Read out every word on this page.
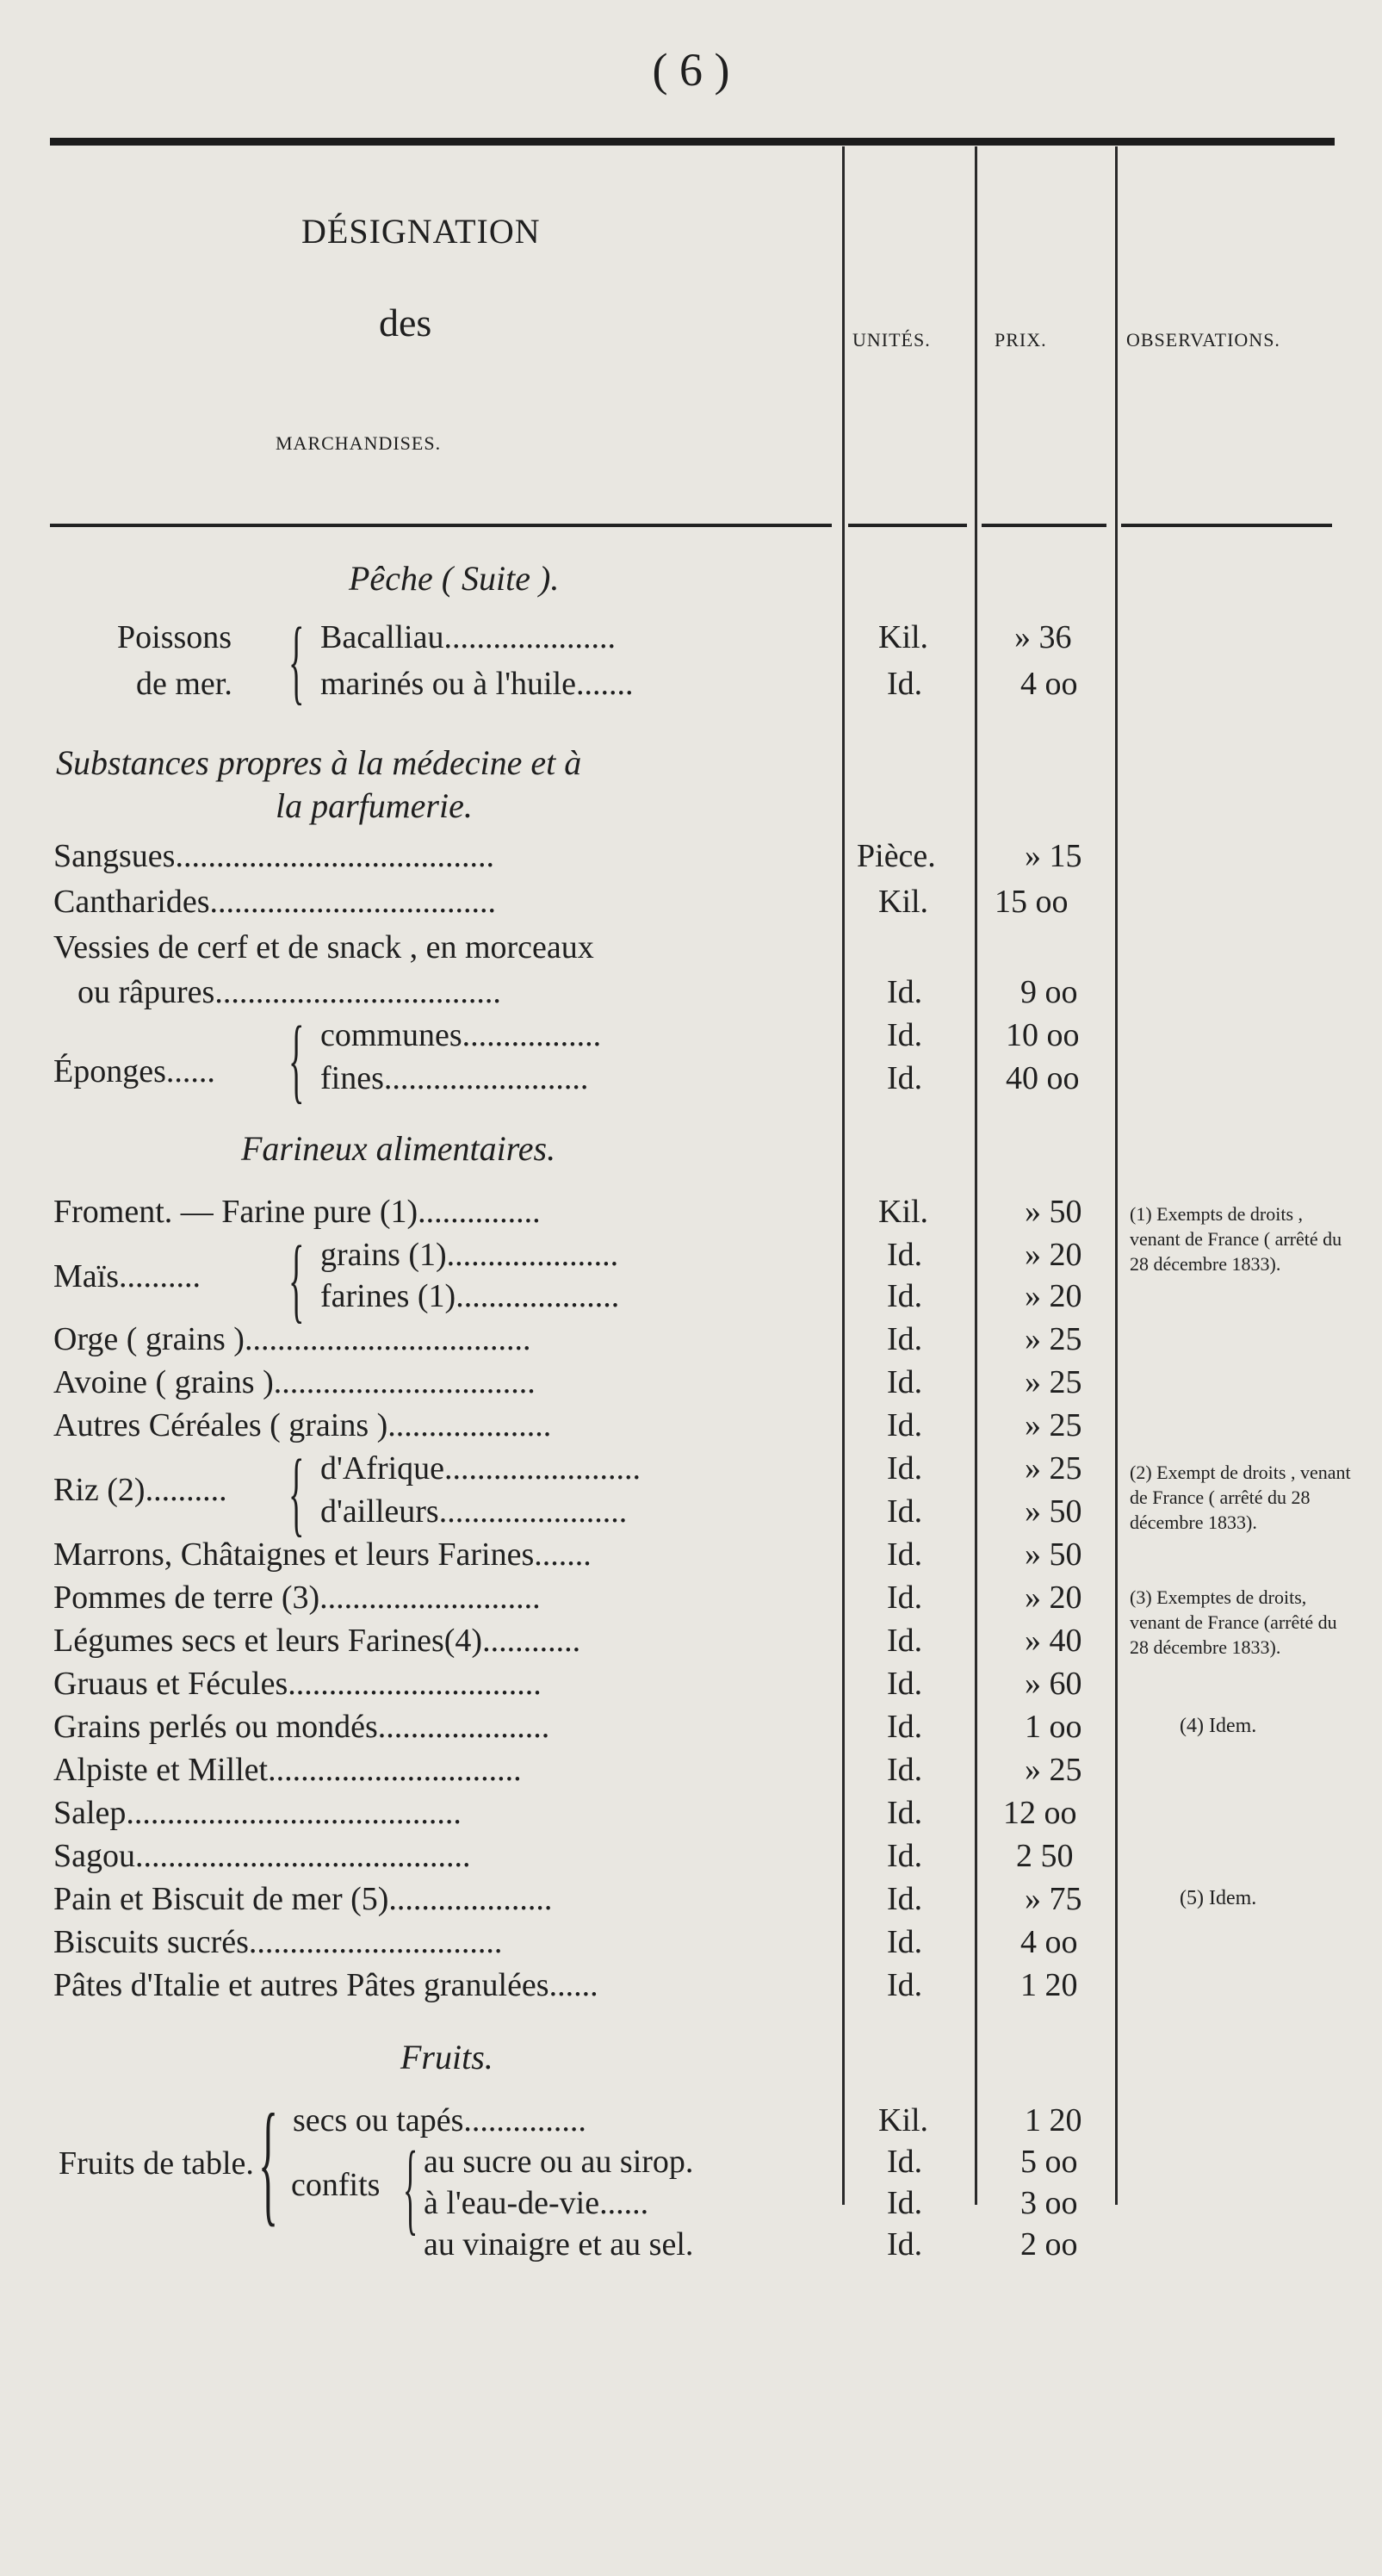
( 6 )
DÉSIGNATION
des
MARCHANDISES.
UNITÉS.	PRIX.	OBSERVATIONS.
Pêche ( Suite ).
Poissons
de mer. { Bacalliau.....................	Kil.	» 36
marinés ou à l'huile.......	Id.	4 oo
Substances propres à la médecine et à
la parfumerie.
Sangsues.......................................	Pièce.	» 15
Cantharides...................................	Kil. 15 oo
Vessies de cerf et de snack , en morceaux
ou râpures...................................	Id.	9 oo
Éponges...... { communes.................	Id.	10 oo
fines.........................	Id.	40 oo
Farineux alimentaires.
Froment. — Farine pure (1)...............	Kil.	» 50
Maïs.......... { grains (1).....................	Id.	» 20
farines (1)....................	Id.	» 20
Orge ( grains )...................................	Id.	» 25
Avoine ( grains )................................	Id.	» 25
Autres Céréales ( grains )....................	Id.	» 25
Riz (2).......... { d'Afrique........................	Id.	» 25
d'ailleurs.......................	Id.	» 50
Marrons, Châtaignes et leurs Farines.......	Id.	» 50
Pommes de terre (3)...........................	Id.	» 20
Légumes secs et leurs Farines(4)............	Id.	» 40
Gruaus et Fécules...............................	Id.	» 60
Grains perlés ou mondés.....................	Id.	1 oo
Alpiste et Millet...............................	Id.	» 25
Salep.........................................	Id. 12 oo
Sagou.........................................	Id.	2 50
Pain et Biscuit de mer (5)....................	Id.	» 75
Biscuits sucrés...............................	Id.	4 oo
Pâtes d'Italie et autres Pâtes granulées......	Id.	1 20
Fruits.
Fruits de table. { confits {
secs ou tapés...............	Kil.	1 20
au sucre ou au sirop.	Id.	5 oo
à l'eau-de-vie......	Id.	3 oo
au vinaigre et au sel.	Id.	2 oo
(1) Exempts de droits , venant de France ( arrêté du 28 décembre 1833).
(2) Exempt de droits , venant de France ( arrêté du 28 décembre 1833).
(3) Exemptes de droits, venant de France (arrêté du 28 décembre 1833).
(4) Idem.
(5) Idem.
